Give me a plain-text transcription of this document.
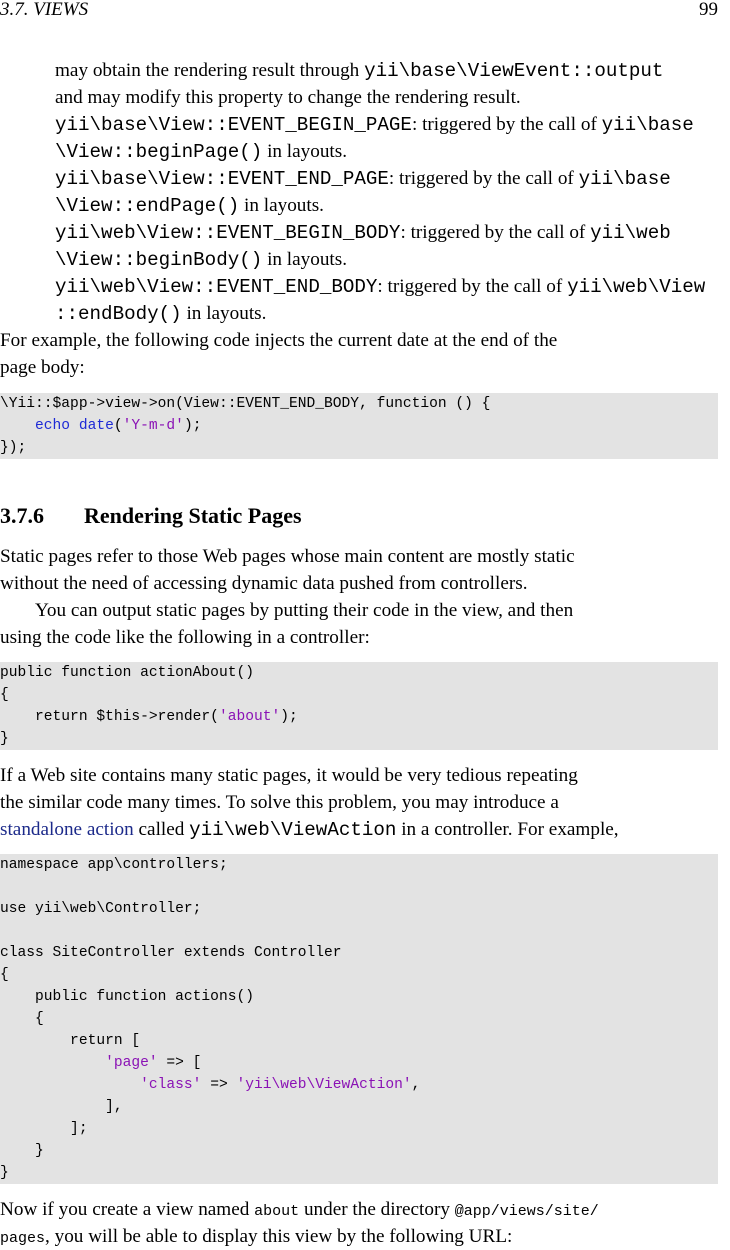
3.7. VIEWS	99
may obtain the rendering result through yii\base\ViewEvent::output
and may modify this property to change the rendering result.
yii\base\View::EVENT_BEGIN_PAGE: triggered by the call of yii\base
\View::beginPage() in layouts.
yii\base\View::EVENT_END_PAGE: triggered by the call of yii\base
\View::endPage() in layouts.
yii\web\View::EVENT_BEGIN_BODY: triggered by the call of yii\web
\View::beginBody() in layouts.
yii\web\View::EVENT_END_BODY: triggered by the call of yii\web\View
::endBody() in layouts.
For example, the following code injects the current date at the end of the
page body:
\Yii::$app->view->on(View::EVENT_END_BODY, function () {
echo date('Y-m-d');
});
3.7.6 Rendering Static Pages
Static pages refer to those Web pages whose main content are mostly static
without the need of accessing dynamic data pushed from controllers.
You can output static pages by putting their code in the view, and then
using the code like the following in a controller:
public function actionAbout()
{
return $this->render('about');
}
If a Web site contains many static pages, it would be very tedious repeating
the similar code many times. To solve this problem, you may introduce a
standalone action called yii\web\ViewAction in a controller. For example,
namespace app\controllers;
use yii\web\Controller;
class SiteController extends Controller
{
public function actions()
{
return [
'page' => [
'class' => 'yii\web\ViewAction',
],
];
}
}
Now if you create a view named about under the directory @app/views/site/
pages, you will be able to display this view by the following URL:
